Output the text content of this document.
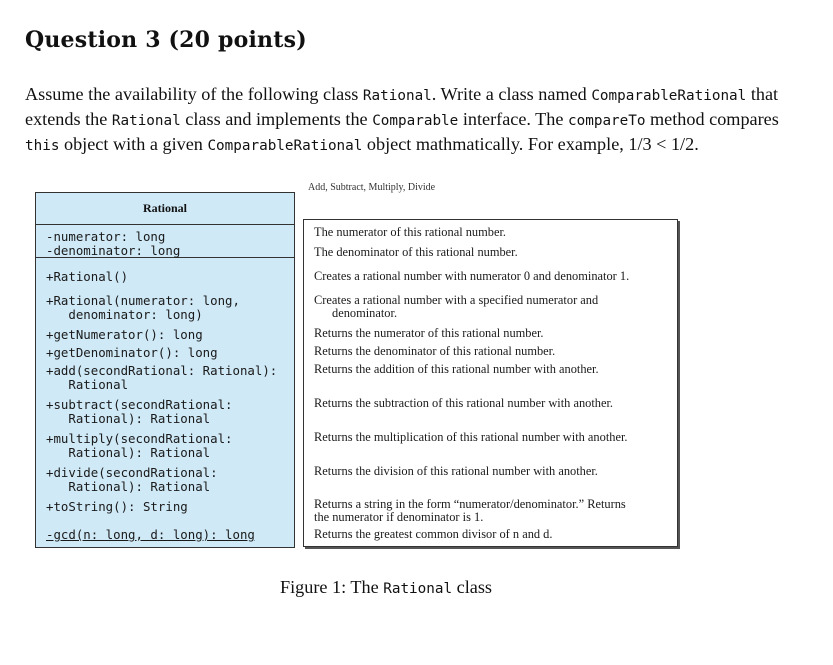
Question 3 (20 points)

Assume the availability of the following class Rational. Write a class named ComparableRational that extends the Rational class and implements the Comparable interface. The compareTo method compares this object with a given ComparableRational object mathmatically. For example, 1/3 < 1/2.

Add, Subtract, Multiply, Divide
Rational
-numerator: long
-denominator: long
+Rational()
+Rational(numerator: long,
denominator: long)
+getNumerator(): long
+getDenominator(): long
+add(secondRational: Rational):
Rational
+subtract(secondRational:
Rational): Rational
+multiply(secondRational:
Rational): Rational
+divide(secondRational:
Rational): Rational
+toString(): String
-gcd(n: long, d: long): long
The numerator of this rational number.
The denominator of this rational number.
Creates a rational number with numerator 0 and denominator 1.
Creates a rational number with a specified numerator and
denominator.
Returns the numerator of this rational number.
Returns the denominator of this rational number.
Returns the addition of this rational number with another.
Returns the subtraction of this rational number with another.
Returns the multiplication of this rational number with another.
Returns the division of this rational number with another.
Returns a string in the form “numerator/denominator.” Returns
the numerator if denominator is 1.
Returns the greatest common divisor of n and d.
Figure 1: The Rational class
